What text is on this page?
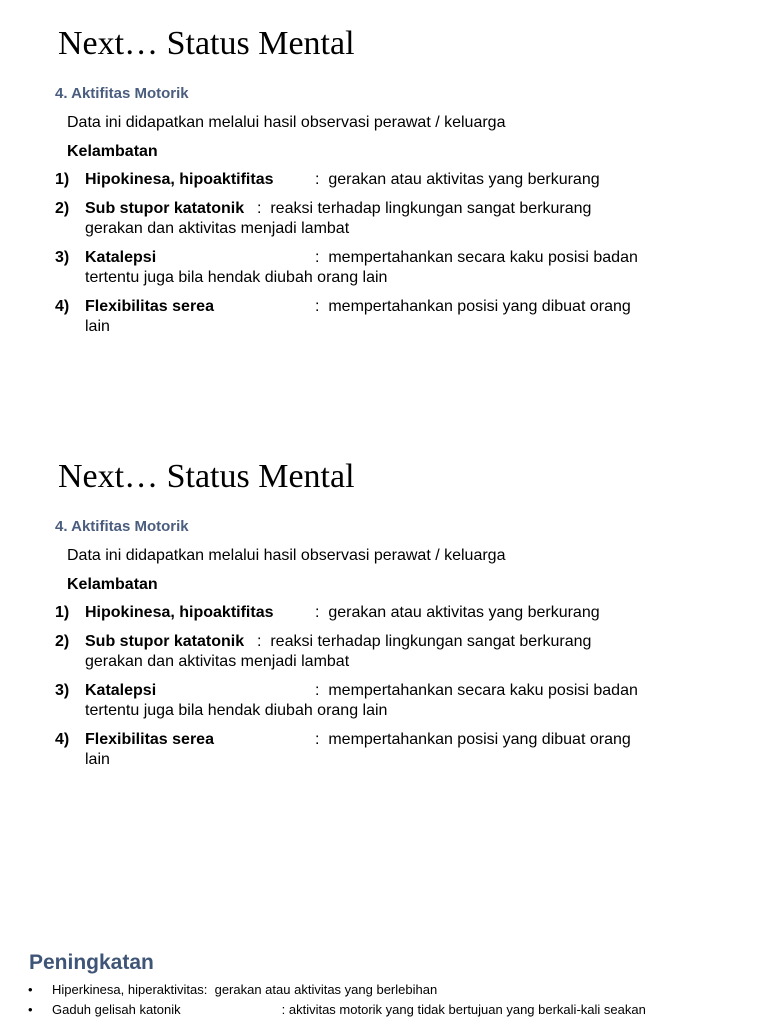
Next… Status Mental
4. Aktifitas Motorik
Data ini didapatkan melalui hasil observasi perawat / keluarga
Kelambatan
1) Hipokinesa, hipoaktifitas	: gerakan atau aktivitas yang berkurang
2) Sub stupor katatonik : reaksi terhadap lingkungan sangat berkurang
gerakan dan aktivitas menjadi lambat
3) Katalepsi	: mempertahankan secara kaku posisi badan
tertentu juga bila hendak diubah orang lain
4) Flexibilitas serea	: mempertahankan posisi yang dibuat orang
lain
Next… Status Mental
4. Aktifitas Motorik
Data ini didapatkan melalui hasil observasi perawat / keluarga
Kelambatan
1) Hipokinesa, hipoaktifitas	: gerakan atau aktivitas yang berkurang
2) Sub stupor katatonik : reaksi terhadap lingkungan sangat berkurang
gerakan dan aktivitas menjadi lambat
3) Katalepsi	: mempertahankan secara kaku posisi badan
tertentu juga bila hendak diubah orang lain
4) Flexibilitas serea	: mempertahankan posisi yang dibuat orang
lain
Peningkatan
• Hiperkinesa, hiperaktivitas: gerakan atau aktivitas yang berlebihan
• Gaduh gelisah katonik	: aktivitas motorik yang tidak bertujuan yang berkali-kali seakan
